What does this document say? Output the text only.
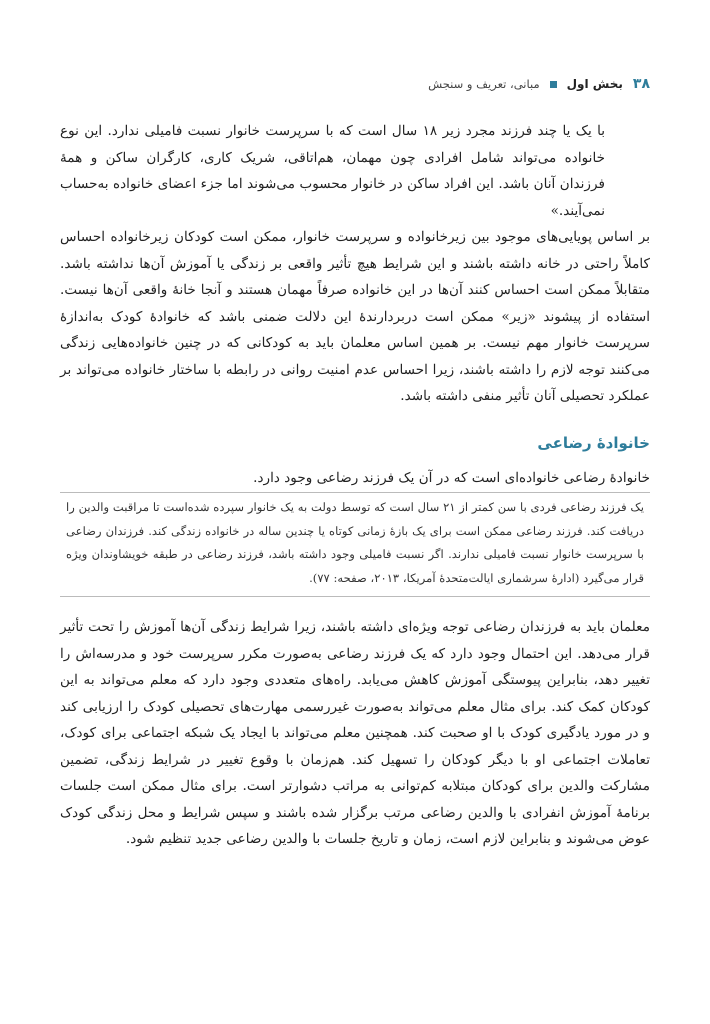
۳۸
بخش اول
مبانی، تعریف و سنجش
با یک یا چند فرزند مجرد زیر ۱۸ سال است که با سرپرست خانوار نسبت فامیلی ندارد. این نوع خانواده می‌تواند شامل افرادی چون مهمان، هم‌اتاقی، شریک کاری، کارگران ساکن و همهٔ فرزندان آنان باشد. این افراد ساکن در خانوار محسوب می‌شوند اما جزء اعضای خانواده به‌حساب نمی‌آیند.»
بر اساس پویایی‌های موجود بین زیرخانواده و سرپرست خانوار، ممکن است کودکان زیرخانواده احساس کاملاً راحتی در خانه داشته باشند و این شرایط هیچ تأثیر واقعی بر زندگی یا آموزش آن‌ها نداشته باشد. متقابلاً ممکن است احساس کنند آن‌ها در این خانواده صرفاً مهمان هستند و آنجا خانهٔ واقعی آن‌ها نیست. استفاده از پیشوند «زیر» ممکن است دربردارندهٔ این دلالت ضمنی باشد که خانوادهٔ کودک به‌اندازهٔ سرپرست خانوار مهم نیست. بر همین اساس معلمان باید به کودکانی که در چنین خانواده‌هایی زندگی می‌کنند توجه لازم را داشته باشند، زیرا احساس عدم امنیت روانی در رابطه با ساختار خانواده می‌تواند بر عملکرد تحصیلی آنان تأثیر منفی داشته باشد.
خانوادهٔ رضاعی
خانوادهٔ رضاعی خانواده‌ای است که در آن یک فرزند رضاعی وجود دارد.
یک فرزند رضاعی فردی با سن کمتر از ۲۱ سال است که توسط دولت به یک خانوار سپرده شده‌است تا مراقبت والدین را دریافت کند. فرزند رضاعی ممکن است برای یک بازهٔ زمانی کوتاه یا چندین ساله در خانواده زندگی کند. فرزندان رضاعی با سرپرست خانوار نسبت فامیلی ندارند. اگر نسبت فامیلی وجود داشته باشد، فرزند رضاعی در طبقه خویشاوندان ویژه قرار می‌گیرد (ادارهٔ سرشماری ایالت‌متحدهٔ آمریکا، ۲۰۱۳، صفحه: ۷۷).
معلمان باید به فرزندان رضاعی توجه ویژه‌ای داشته باشند، زیرا شرایط زندگی آن‌ها آموزش را تحت تأثیر قرار می‌دهد. این احتمال وجود دارد که یک فرزند رضاعی به‌صورت مکرر سرپرست خود و مدرسه‌اش را تغییر دهد، بنابراین پیوستگی آموزش کاهش می‌یابد. راه‌های متعددی وجود دارد که معلم می‌تواند به این کودکان کمک کند. برای مثال معلم می‌تواند به‌صورت غیررسمی مهارت‌های تحصیلی کودک را ارزیابی کند و در مورد یادگیری کودک با او صحبت کند. همچنین معلم می‌تواند با ایجاد یک شبکه اجتماعی برای کودک، تعاملات اجتماعی او با دیگر کودکان را تسهیل کند. هم‌زمان با وقوع تغییر در شرایط زندگی، تضمین مشارکت والدین برای کودکان مبتلابه کم‌توانی به مراتب دشوارتر است. برای مثال ممکن است جلسات برنامهٔ آموزش انفرادی با والدین رضاعی مرتب برگزار شده باشند و سپس شرایط و محل زندگی کودک عوض می‌شوند و بنابراین لازم است، زمان و تاریخ جلسات با والدین رضاعی جدید تنظیم شود.
